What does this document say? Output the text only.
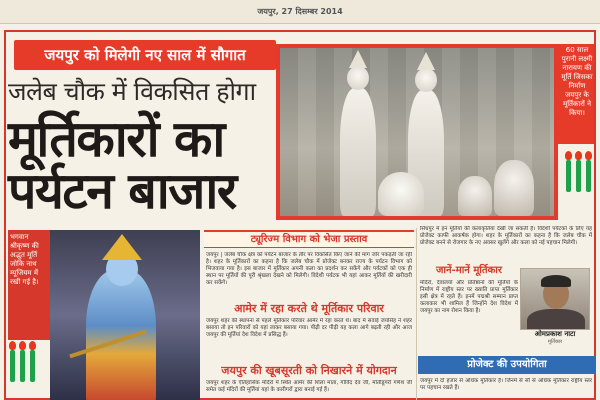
जयपुर, 27 दिसम्बर 2014
जयपुर को मिलेगी नए साल में सौगात
जलेब चौक में विकसित होगा
मूर्तिकारों का
पर्यटन बाजार
60 साल पुरानी लक्ष्मी नारायण की मूर्ति जिसका निर्माण जयपुर के मूर्तिकारों ने किया।
भगवान श्रीकृष्ण की अद्भुत मूर्ति जोकि नाथ म्यूजियम में रखी गई है।
ट्यूरिज्म विभाग को भेजा प्रस्ताव
जयपुर | जलेब चौक क्षेत्र को पर्यटन बाजार के तौर पर विकसित किए जाने की मांग जोर पकड़ती जा रही है। शहर के मूर्तिकारों का कहना है कि जलेब चौक में प्रोजेक्ट बनकर राज्य के पर्यटन विभाग को भिजवाया गया है। इस बाजार में मूर्तिकार अपनी कला का प्रदर्शन कर सकेंगे और पर्यटकों को एक ही स्थान पर मूर्तियों की पूरी श्रृंखला देखने को मिलेगी। विदेशी पर्यटक भी यहां आकर मूर्तियों की खरीदारी कर सकेंगे।
आमेर में रहा करते थे मूर्तिकार परिवार
जयपुर शहर की स्थापना से पहले मूर्तिकार परिवार आमेर में रहा करते थे। बाद में सवाई जयसिंह ने शहर बसाया तो इन परिवारों को यहां लाकर बसाया गया। पीढ़ी दर पीढ़ी यह कला आगे बढ़ती रही और आज जयपुर की मूर्तियां देश विदेश में प्रसिद्ध हैं।
जयपुर की खूबसूरती को निखारने में योगदान
जयपुर शहर के ऐतिहासिक मंदिरों में स्थित आमेर की शिला माता, गोविंद देव जी, मोतीडूंगरी गणेश जी समेत कई मंदिरों की मूर्तियां यहां के कारीगरों द्वारा बनाई गई हैं।
सिंधपुर में इन मूर्तियों की कलाकृतियां देखी जा सकती हैं। विदेशी पर्यटकों के लिए यह प्रोजेक्ट काफी आकर्षक होगा। शहर के मूर्तिकारों का कहना है कि जलेब चौक में प्रोजेक्ट बनने से रोजगार के नए अवसर खुलेंगे और कला को नई पहचान मिलेगी।
जानें-मानें मूर्तिकार
मंदिरों, देवालयों और प्रतिष्ठानों की मूर्तियों के निर्माण में राष्ट्रीय स्तर पर ख्याति प्राप्त मूर्तिकार इसी क्षेत्र में रहते हैं। इनमें पद्मश्री सम्मान प्राप्त कलाकार भी शामिल हैं जिन्होंने देश विदेश में जयपुर का नाम रोशन किया है।
ओमप्रकाश नाटा
मूर्तिकार
प्रोजेक्ट की उपयोगिता
जयपुर में दो हजार से अधिक मूर्तिकार हैं। जिनमें से सौ से अधिक मूर्तिकार राष्ट्रीय स्तर पर पहचान रखते हैं।
